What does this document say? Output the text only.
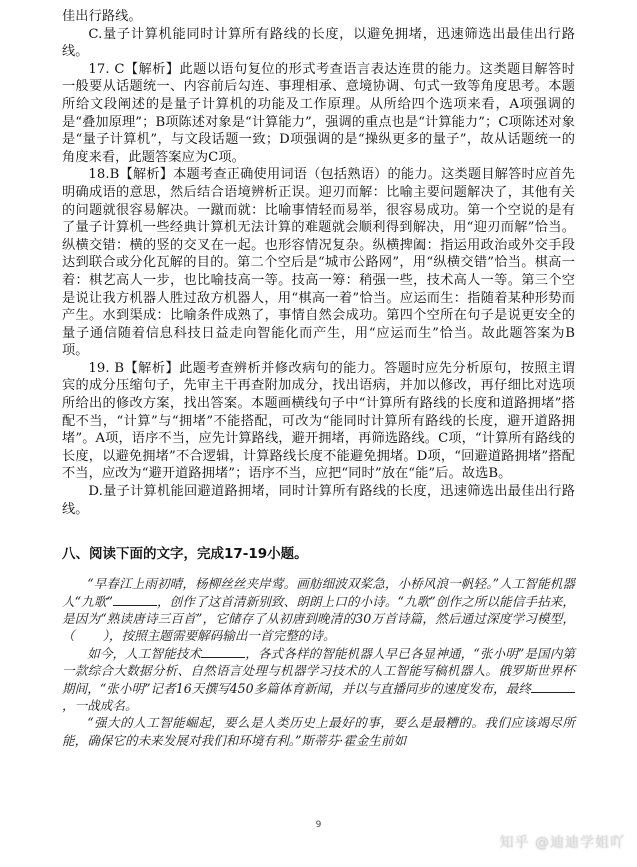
佳出行路线。

C.量子计算机能同时计算所有路线的长度，以避免拥堵，迅速筛选出最佳出行路线。

17. C【解析】此题以语句复位的形式考查语言表达连贯的能力。这类题目解答时一般要从话题统一、内容前后勾连、事理相承、意境协调、句式一致等角度思考。本题所给文段阐述的是量子计算机的功能及工作原理。从所给四个选项来看，A项强调的是“叠加原理”；B项陈述对象是“计算能力”，强调的重点也是“计算能力”；C项陈述对象是“量子计算机”，与文段话题一致；D项强调的是“操纵更多的量子”，故从话题统一的角度来看，此题答案应为C项。

18.B【解析】本题考查正确使用词语（包括熟语）的能力。这类题目解答时应首先明确成语的意思，然后结合语境辨析正误。迎刃而解：比喻主要问题解决了，其他有关的问题就很容易解决。一蹴而就：比喻事情轻而易举，很容易成功。第一个空说的是有了量子计算机一些经典计算机无法计算的难题就会顺利得到解决，用“迎刃而解”恰当。纵横交错：横的竖的交叉在一起。也形容情况复杂。纵横捭阖：指运用政治或外交手段达到联合或分化瓦解的目的。第二个空后是“城市公路网”，用“纵横交错”恰当。棋高一着：棋艺高人一步，也比喻技高一等。技高一筹：稍强一些，技术高人一等。第三个空是说让我方机器人胜过敌方机器人，用“棋高一着”恰当。应运而生：指随着某种形势而产生。水到渠成：比喻条件成熟了，事情自然会成功。第四个空所在句子是说更安全的量子通信随着信息科技日益走向智能化而产生，用“应运而生”恰当。故此题答案为B项。

19. B【解析】此题考查辨析并修改病句的能力。答题时应先分析原句，按照主谓宾的成分压缩句子，先审主干再查附加成分，找出语病，并加以修改，再仔细比对选项所给出的修改方案，找出答案。本题画横线句子中“计算所有路线的长度和道路拥堵”搭配不当，“计算”与“拥堵”不能搭配，可改为“能同时计算所有路线的长度，避开道路拥堵”。A项，语序不当，应先计算路线，避开拥堵，再筛选路线。C项，“计算所有路线的长度，以避免拥堵”不合逻辑，计算路线长度不能避免拥堵。D项，“回避道路拥堵”搭配不当，应改为“避开道路拥堵”；语序不当，应把“同时”放在“能”后。故选B。

D.量子计算机能回避道路拥堵，同时计算所有路线的长度，迅速筛选出最佳出行路线。

八、阅读下面的文字，完成17-19小题。

“早春江上雨初晴，杨柳丝丝夹岸莺。画舫细波双桨急，小桥风浪一帆轻。”人工智能机器人“九歌”	，创作了这首清新别致、朗朗上口的小诗。“九歌”创作之所以能信手拈来，是因为“熟读唐诗三百首”，它储存了从初唐到晚清的30万首诗篇，然后通过深度学习模型，（ ），按照主题需要解码输出一首完整的诗。

如今，人工智能技术	，各式各样的智能机器人早已各显神通，“张小明”是国内第一款综合大数据分析、自然语言处理与机器学习技术的人工智能写稿机器人。俄罗斯世界杯期间，“张小明”记者16天撰写450多篇体育新闻，并以与直播同步的速度发布，最终，一战成名。

“强大的人工智能崛起，要么是人类历史上最好的事，要么是最糟的。我们应该竭尽所能，确保它的未来发展对我们和环境有利。”斯蒂芬·霍金生前如

9
知乎 @迪迪学姐吖
